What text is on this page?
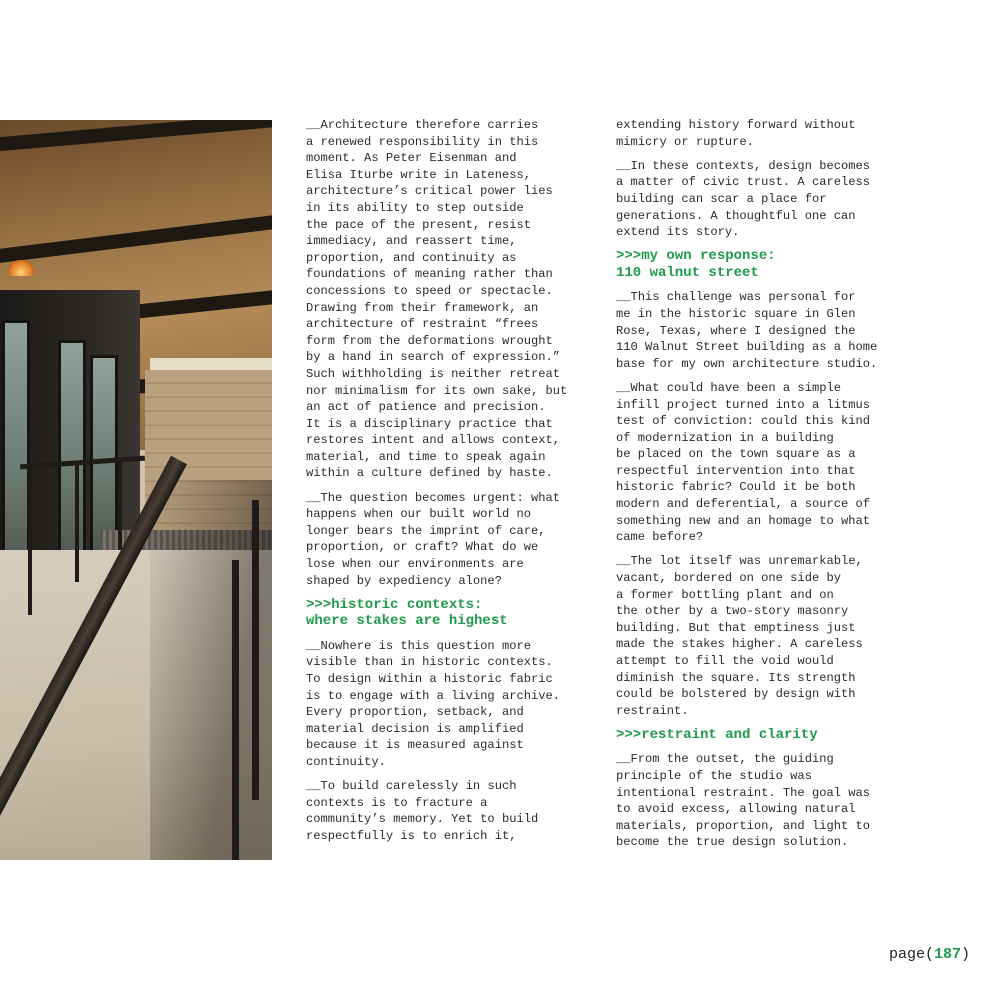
__Architecture therefore carries
a renewed responsibility in this
moment. As Peter Eisenman and
Elisa Iturbe write in Lateness,
architecture’s critical power lies
in its ability to step outside
the pace of the present, resist
immediacy, and reassert time,
proportion, and continuity as
foundations of meaning rather than
concessions to speed or spectacle.
Drawing from their framework, an
architecture of restraint “frees
form from the deformations wrought
by a hand in search of expression.”
Such withholding is neither retreat
nor minimalism for its own sake, but
an act of patience and precision.
It is a disciplinary practice that
restores intent and allows context,
material, and time to speak again
within a culture defined by haste.

__The question becomes urgent: what
happens when our built world no
longer bears the imprint of care,
proportion, or craft? What do we
lose when our environments are
shaped by expediency alone?

>>>historic contexts:
where stakes are highest

__Nowhere is this question more
visible than in historic contexts.
To design within a historic fabric
is to engage with a living archive.
Every proportion, setback, and
material decision is amplified
because it is measured against
continuity.

__To build carelessly in such
contexts is to fracture a
community’s memory. Yet to build
respectfully is to enrich it,

extending history forward without
mimicry or rupture.

__In these contexts, design becomes
a matter of civic trust. A careless
building can scar a place for
generations. A thoughtful one can
extend its story.

>>>my own response:
110 walnut street

__This challenge was personal for
me in the historic square in Glen
Rose, Texas, where I designed the
110 Walnut Street building as a home
base for my own architecture studio.

__What could have been a simple
infill project turned into a litmus
test of conviction: could this kind
of modernization in a building
be placed on the town square as a
respectful intervention into that
historic fabric? Could it be both
modern and deferential, a source of
something new and an homage to what
came before?

__The lot itself was unremarkable,
vacant, bordered on one side by
a former bottling plant and on
the other by a two-story masonry
building. But that emptiness just
made the stakes higher. A careless
attempt to fill the void would
diminish the square. Its strength
could be bolstered by design with
restraint.

>>>restraint and clarity

__From the outset, the guiding
principle of the studio was
intentional restraint. The goal was
to avoid excess, allowing natural
materials, proportion, and light to
become the true design solution.

page(187)
